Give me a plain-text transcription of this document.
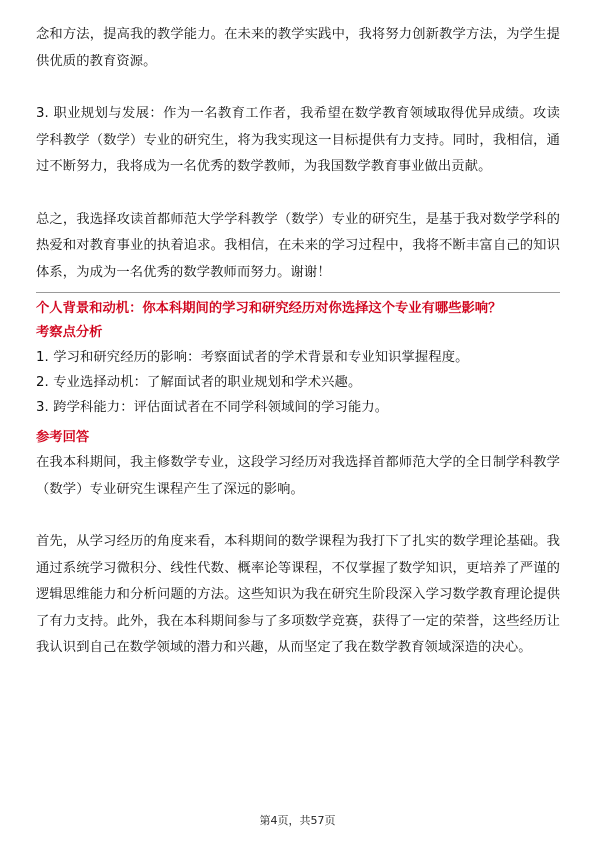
念和方法，提高我的教学能力。在未来的教学实践中，我将努力创新教学方法，为学生提供优质的教育资源。

3. 职业规划与发展：作为一名教育工作者，我希望在数学教育领域取得优异成绩。攻读学科教学（数学）专业的研究生，将为我实现这一目标提供有力支持。同时，我相信，通过不断努力，我将成为一名优秀的数学教师，为我国数学教育事业做出贡献。

总之，我选择攻读首都师范大学学科教学（数学）专业的研究生，是基于我对数学学科的热爱和对教育事业的执着追求。我相信，在未来的学习过程中，我将不断丰富自己的知识体系，为成为一名优秀的数学教师而努力。谢谢！

个人背景和动机：你本科期间的学习和研究经历对你选择这个专业有哪些影响？
考察点分析

1. 学习和研究经历的影响：考察面试者的学术背景和专业知识掌握程度。

2. 专业选择动机：了解面试者的职业规划和学术兴趣。

3. 跨学科能力：评估面试者在不同学科领域间的学习能力。

参考回答

在我本科期间，我主修数学专业，这段学习经历对我选择首都师范大学的全日制学科教学（数学）专业研究生课程产生了深远的影响。

首先，从学习经历的角度来看，本科期间的数学课程为我打下了扎实的数学理论基础。我通过系统学习微积分、线性代数、概率论等课程，不仅掌握了数学知识，更培养了严谨的逻辑思维能力和分析问题的方法。这些知识为我在研究生阶段深入学习数学教育理论提供了有力支持。此外，我在本科期间参与了多项数学竞赛，获得了一定的荣誉，这些经历让我认识到自己在数学领域的潜力和兴趣，从而坚定了我在数学教育领域深造的决心。

第4页，共57页
